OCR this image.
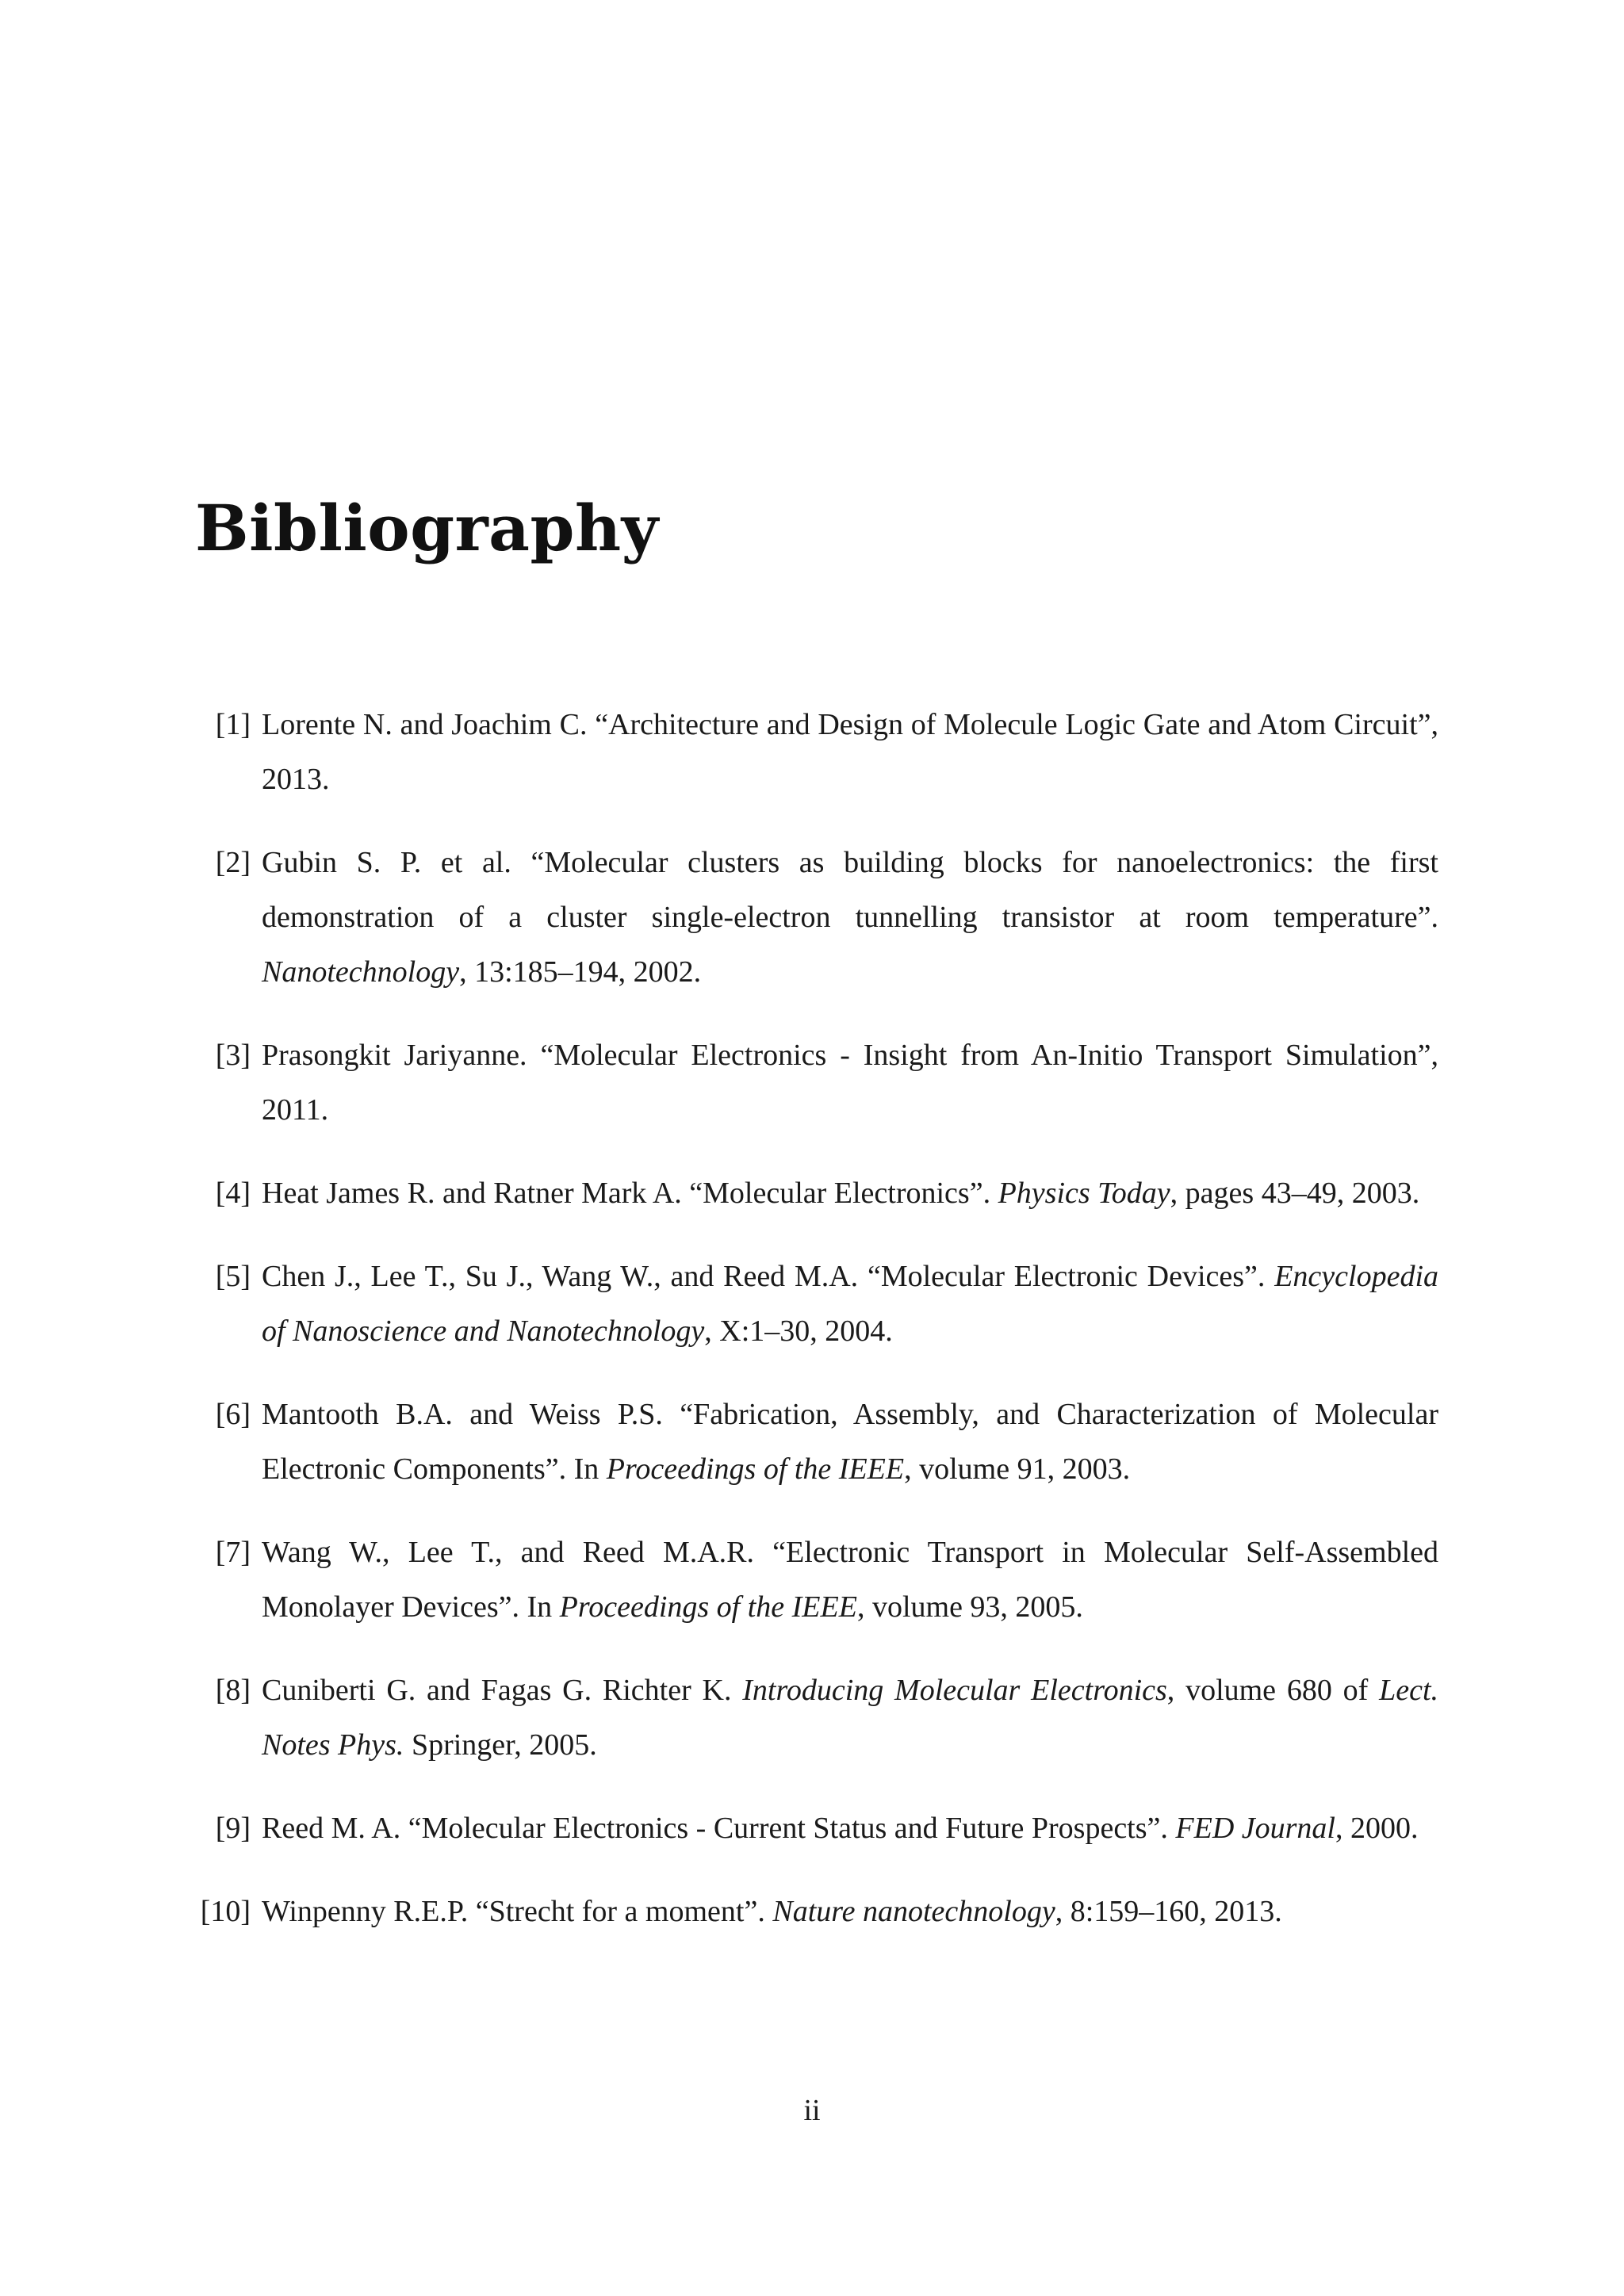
Bibliography
[1] Lorente N. and Joachim C. “Architecture and Design of Molecule Logic Gate and Atom Circuit”, 2013.
[2] Gubin S. P. et al. “Molecular clusters as building blocks for nanoelectronics: the first demonstration of a cluster single-electron tunnelling transistor at room temperature”. Nanotechnology, 13:185–194, 2002.
[3] Prasongkit Jariyanne. “Molecular Electronics - Insight from An-Initio Transport Simulation”, 2011.
[4] Heat James R. and Ratner Mark A. “Molecular Electronics”. Physics Today, pages 43–49, 2003.
[5] Chen J., Lee T., Su J., Wang W., and Reed M.A. “Molecular Electronic Devices”. Encyclopedia of Nanoscience and Nanotechnology, X:1–30, 2004.
[6] Mantooth B.A. and Weiss P.S. “Fabrication, Assembly, and Characterization of Molecular Electronic Components”. In Proceedings of the IEEE, volume 91, 2003.
[7] Wang W., Lee T., and Reed M.A.R. “Electronic Transport in Molecular Self-Assembled Monolayer Devices”. In Proceedings of the IEEE, volume 93, 2005.
[8] Cuniberti G. and Fagas G. Richter K. Introducing Molecular Electronics, volume 680 of Lect. Notes Phys. Springer, 2005.
[9] Reed M. A. “Molecular Electronics - Current Status and Future Prospects”. FED Journal, 2000.
[10] Winpenny R.E.P. “Strecht for a moment”. Nature nanotechnology, 8:159–160, 2013.
ii
